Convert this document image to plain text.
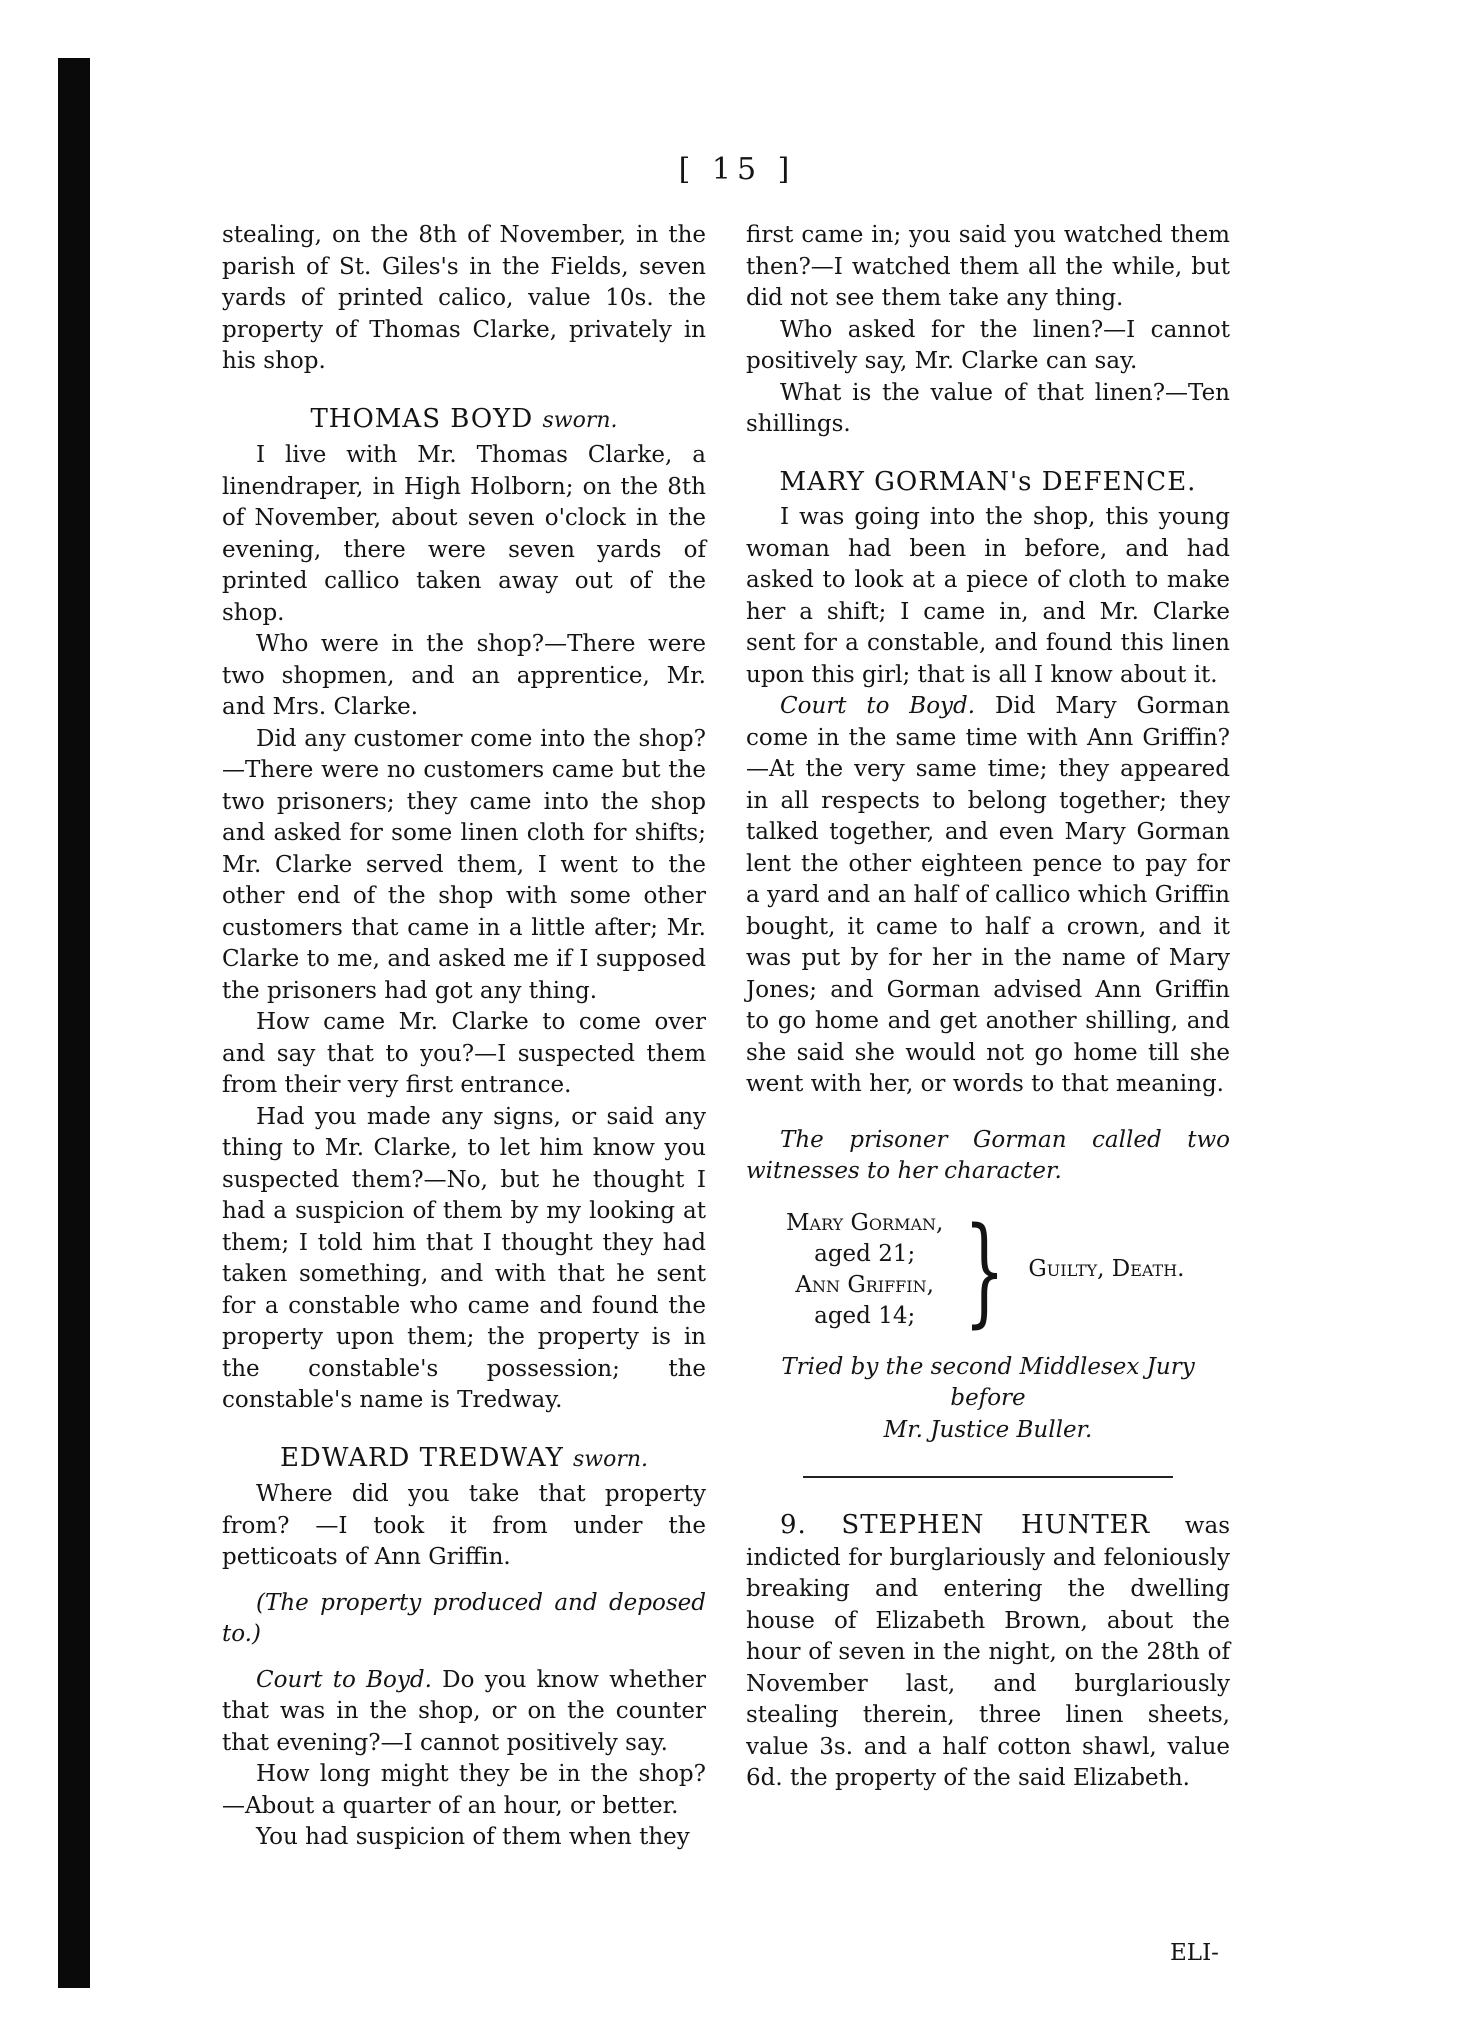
[ 15 ]

stealing, on the 8th of November, in the parish of St. Giles's in the Fields, seven yards of printed calico, value 10s. the property of Thomas Clarke, privately in his shop.

THOMAS BOYD sworn.

I live with Mr. Thomas Clarke, a linendraper, in High Holborn; on the 8th of November, about seven o'clock in the evening, there were seven yards of printed callico taken away out of the shop.

Who were in the shop?—There were two shopmen, and an apprentice, Mr. and Mrs. Clarke.

Did any customer come into the shop?—There were no customers came but the two prisoners; they came into the shop and asked for some linen cloth for shifts; Mr. Clarke served them, I went to the other end of the shop with some other customers that came in a little after; Mr. Clarke to me, and asked me if I supposed the prisoners had got any thing.

How came Mr. Clarke to come over and say that to you?—I suspected them from their very first entrance.

Had you made any signs, or said any thing to Mr. Clarke, to let him know you suspected them?—No, but he thought I had a suspicion of them by my looking at them; I told him that I thought they had taken something, and with that he sent for a constable who came and found the property upon them; the property is in the constable's possession; the constable's name is Tredway.

EDWARD TREDWAY sworn.

Where did you take that property from? —I took it from under the petticoats of Ann Griffin.

(The property produced and deposed to.)

Court to Boyd. Do you know whether that was in the shop, or on the counter that evening?—I cannot positively say.

How long might they be in the shop?—About a quarter of an hour, or better.

You had suspicion of them when they

first came in; you said you watched them then?—I watched them all the while, but did not see them take any thing.

Who asked for the linen?—I cannot positively say, Mr. Clarke can say.

What is the value of that linen?—Ten shillings.

MARY GORMAN's DEFENCE.

I was going into the shop, this young woman had been in before, and had asked to look at a piece of cloth to make her a shift; I came in, and Mr. Clarke sent for a constable, and found this linen upon this girl; that is all I know about it.

Court to Boyd. Did Mary Gorman come in the same time with Ann Griffin?—At the very same time; they appeared in all respects to belong together; they talked together, and even Mary Gorman lent the other eighteen pence to pay for a yard and an half of callico which Griffin bought, it came to half a crown, and it was put by for her in the name of Mary Jones; and Gorman advised Ann Griffin to go home and get another shilling, and she said she would not go home till she went with her, or words to that meaning.

The prisoner Gorman called two witnesses to her character.

Mary Gorman,
aged 21;
Ann Griffin,
aged 14; } Guilty, Death.

Tried by the second Middlesex Jury before

Mr. Justice Buller.

9. STEPHEN HUNTER was indicted for burglariously and feloniously breaking and entering the dwelling house of Elizabeth Brown, about the hour of seven in the night, on the 28th of November last, and burglariously stealing therein, three linen sheets, value 3s. and a half cotton shawl, value 6d. the property of the said Elizabeth.

ELI-
